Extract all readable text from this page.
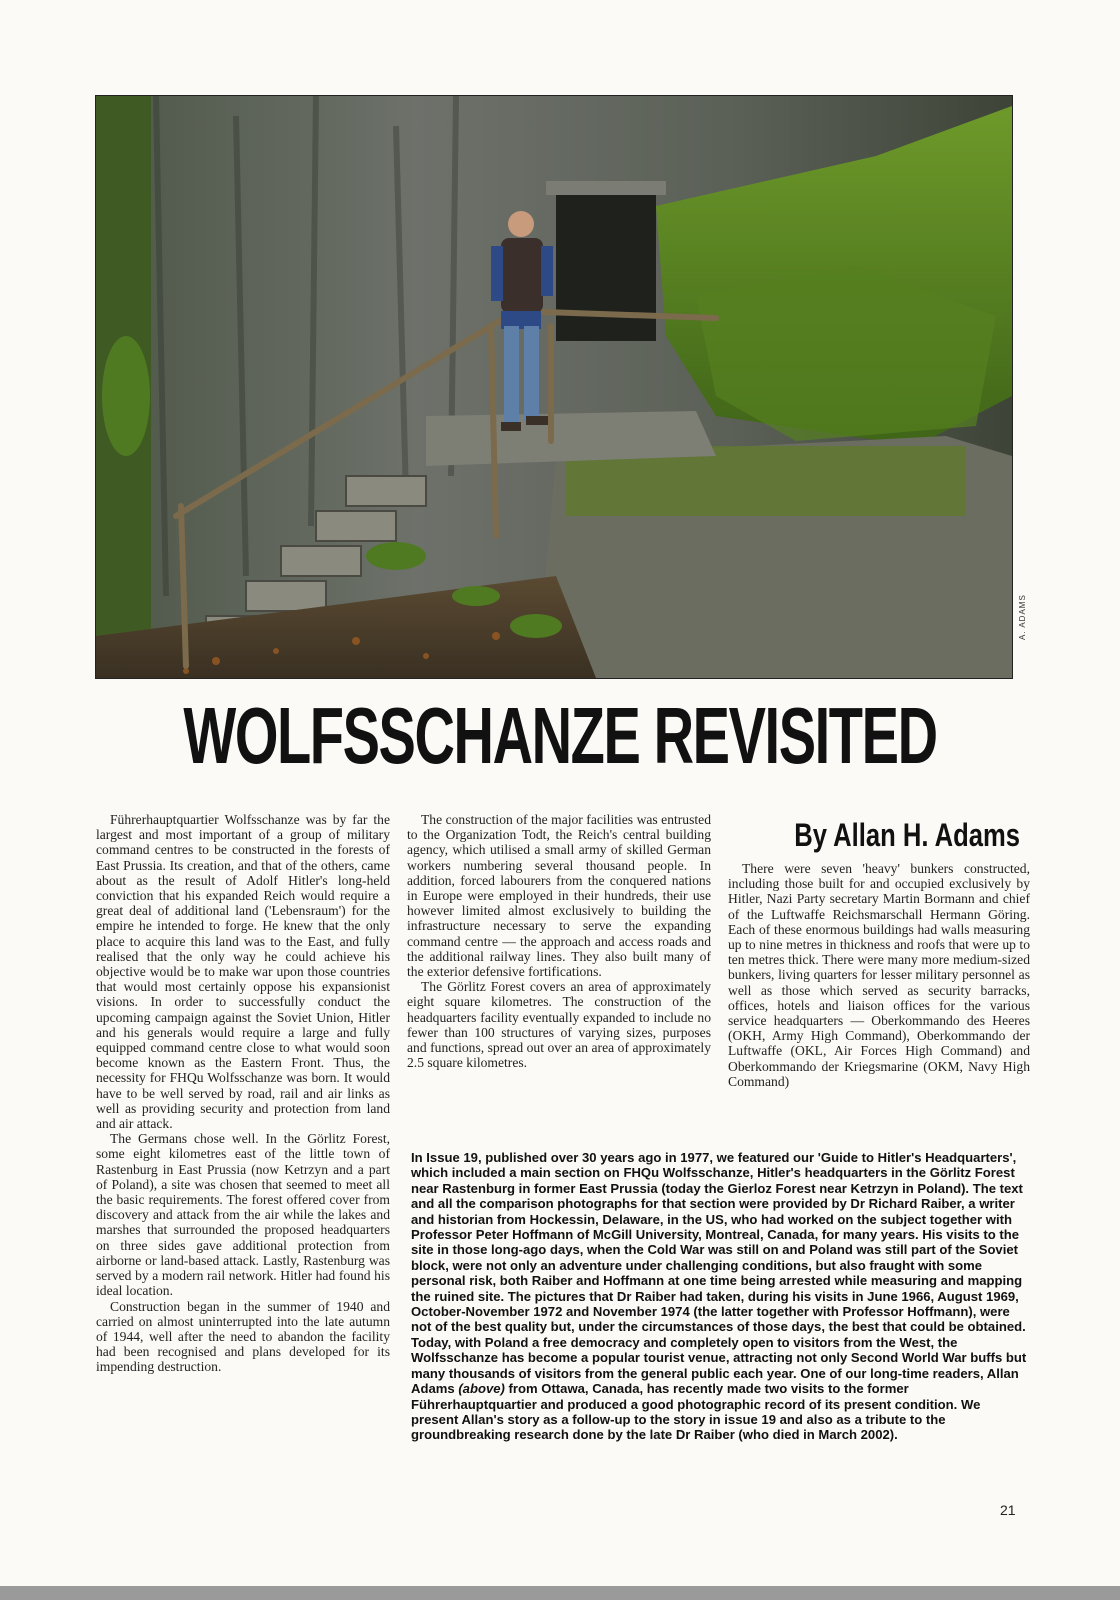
A. ADAMS
WOLFSSCHANZE REVISITED
By Allan H. Adams

Führerhauptquartier Wolfsschanze was by far the largest and most important of a group of military command centres to be constructed in the forests of East Prussia. Its creation, and that of the others, came about as the result of Adolf Hitler's long-held conviction that his expanded Reich would require a great deal of additional land ('Lebensraum') for the empire he intended to forge. He knew that the only place to acquire this land was to the East, and fully realised that the only way he could achieve his objective would be to make war upon those countries that would most certainly oppose his expansionist visions. In order to successfully conduct the upcoming campaign against the Soviet Union, Hitler and his generals would require a large and fully equipped command centre close to what would soon become known as the Eastern Front. Thus, the necessity for FHQu Wolfsschanze was born. It would have to be well served by road, rail and air links as well as providing security and protection from land and air attack.

The Germans chose well. In the Görlitz Forest, some eight kilometres east of the little town of Rastenburg in East Prussia (now Ketrzyn and a part of Poland), a site was chosen that seemed to meet all the basic requirements. The forest offered cover from discovery and attack from the air while the lakes and marshes that surrounded the proposed headquarters on three sides gave additional protection from airborne or land-based attack. Lastly, Rastenburg was served by a modern rail network. Hitler had found his ideal location.

Construction began in the summer of 1940 and carried on almost uninterrupted into the late autumn of 1944, well after the need to abandon the facility had been recognised and plans developed for its impending destruction.

The construction of the major facilities was entrusted to the Organization Todt, the Reich's central building agency, which utilised a small army of skilled German workers numbering several thousand people. In addition, forced labourers from the conquered nations in Europe were employed in their hundreds, their use however limited almost exclusively to building the infrastructure necessary to serve the expanding command centre — the approach and access roads and the additional railway lines. They also built many of the exterior defensive fortifications.

The Görlitz Forest covers an area of approximately eight square kilometres. The construction of the headquarters facility eventually expanded to include no fewer than 100 structures of varying sizes, purposes and functions, spread out over an area of approximately 2.5 square kilometres.

There were seven 'heavy' bunkers constructed, including those built for and occupied exclusively by Hitler, Nazi Party secretary Martin Bormann and chief of the Luftwaffe Reichsmarschall Hermann Göring. Each of these enormous buildings had walls measuring up to nine metres in thickness and roofs that were up to ten metres thick. There were many more medium-sized bunkers, living quarters for lesser military personnel as well as those which served as security barracks, offices, hotels and liaison offices for the various service headquarters — Oberkommando des Heeres (OKH, Army High Command), Oberkommando der Luftwaffe (OKL, Air Forces High Command) and Oberkommando der Kriegsmarine (OKM, Navy High Command)

In Issue 19, published over 30 years ago in 1977, we featured our 'Guide to Hitler's Headquarters', which included a main section on FHQu Wolfsschanze, Hitler's headquarters in the Görlitz Forest near Rastenburg in former East Prussia (today the Gierloz Forest near Ketrzyn in Poland). The text and all the comparison photographs for that section were provided by Dr Richard Raiber, a writer and historian from Hockessin, Delaware, in the US, who had worked on the subject together with Professor Peter Hoffmann of McGill University, Montreal, Canada, for many years. His visits to the site in those long-ago days, when the Cold War was still on and Poland was still part of the Soviet block, were not only an adventure under challenging conditions, but also fraught with some personal risk, both Raiber and Hoffmann at one time being arrested while measuring and mapping the ruined site. The pictures that Dr Raiber had taken, during his visits in June 1966, August 1969, October-November 1972 and November 1974 (the latter together with Professor Hoffmann), were not of the best quality but, under the circumstances of those days, the best that could be obtained. Today, with Poland a free democracy and completely open to visitors from the West, the Wolfsschanze has become a popular tourist venue, attracting not only Second World War buffs but many thousands of visitors from the general public each year. One of our long-time readers, Allan Adams (above) from Ottawa, Canada, has recently made two visits to the former Führerhauptquartier and produced a good photographic record of its present condition. We present Allan's story as a follow-up to the story in issue 19 and also as a tribute to the groundbreaking research done by the late Dr Raiber (who died in March 2002).

21
